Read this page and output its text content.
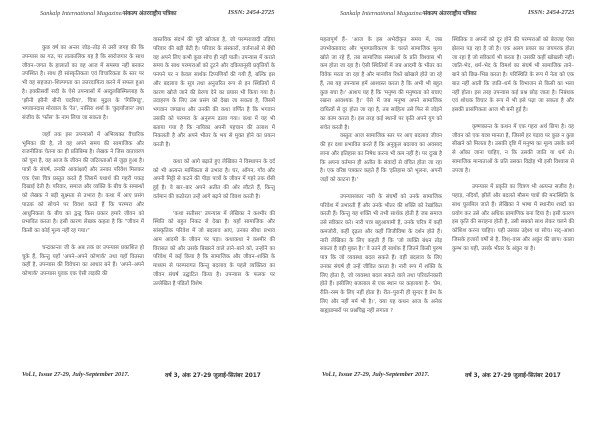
Sankalp International Magazine/संकल्प अंतरराष्ट्रीय पत्रिका	ISSN: 2454-2725

कुछ वर्ष का अन्तर जोड़–तोड़ से उसी जगह की कि उपन्यास का गठ, पर तात्कालिक यह है कि स्वरोजगार के साथ जीवन–जगत के हालातों का वह आज में समस्या नहीं बनकर उपस्थित है। साथ ही सांस्कृतिकता एवं विचारिकता के स्तर पर भी वह सहजता–शिल्पगता का उत्तरदायित्व करने में सफल हुआ है। इक्कीसवीं सदी के ऐसे उपन्यासों में अब्दुलबिस्मिल्लाह के 'झीनी झीनी बीनी चदरिया', चित्रा मुद्गल के 'गिलिगडु', भगवानदास मोरवाल के 'रेत', नासिरा शर्मा के 'कुइयाँजान' तथा संजीव के 'फाँस' के नाम लिया जा सकता है।

जहाँ तक इस उपन्यासों में अभिव्यक्त वैचारिक भूमिका की है, तो वह अपने समय की सामाजिक और राजनीतिक चेतना का ही प्रतिबिम्ब है। लेखक ने जिस वातावरण को चुना है, वह आज के जीवन की जटिलताओं से जुड़ा हुआ है। पात्रों के संघर्ष, उनकी आकांक्षाएँ और उनका परिवेश मिलकर एक ऐसा चित्र प्रस्तुत करते हैं जिसमें यथार्थ की गहरी पकड़ दिखाई देती है। परिवार, समाज और व्यक्ति के बीच के सम्बन्धों को लेखक ने बड़ी सूक्ष्मता से उभारा है। कथा में आए प्रसंग पाठक को सोचने पर विवश करते हैं कि परम्परा और आधुनिकता के बीच का द्वन्द्व किस प्रकार हमारे जीवन को प्रभावित करता है। इसी कारण लेखक कहता है कि "जीवन में किसी का कोई मूल्य नहीं रह गया।"

चन्द्रकान्ता जी के अब तक छः उपन्यास प्रकाशित हो चुके हैं, किन्तु यहाँ 'अपने–अपने कोणार्क' तथा यहाँ वितस्ता कहीं है, उपन्यास की विवेचना का आधार बने हैं। 'अपने–अपने कोणार्क' उपन्यास युवक एक ऐसी लड़की की

वास्तविक संदर्भ की पूरी खोजता है, जो परम्परावादी उड़िया परिवार की बड़ी बेटी है। परिवार के संस्कारों, वर्जनाओं से बँधी वह अपने लिए कभी कुछ सोच ही नहीं पाती। उपन्यास में कराते समय के साथ परम्पराओं को टूटने और दकियानूसी प्रवृत्तियों के पनपने पर न केवल सार्थक टिप्पणियाँ की गयी हैं, बल्कि इस और बदलाव के सूत्र तथा अनुत्तरित रूप से इन स्थितियों में कारण खोजे जाने की प्रेरणा देने का प्रयास भी किया गया है। उदाहरण के लिए उस प्रसंग को देखा जा सकता है, जिसमें भगवान जगन्नाथ और उनकी की कथा वर्णित है कि भगवान उसकी को परम्परा के अनुरूप ढाला गया। कथा में यह भी बताया गया है कि नायिका अपनी पहचान की तलाश में निकलती है और अपने भीतर के भय से मुक्त होने का प्रयत्न करती है।

कथा को आगे बढ़ाते हुए लेखिका ने विस्थापन के दर्द को भी अत्यन्त मार्मिकता से उभारा है। घर, आँगन, गाँव और अपनी मिट्टी से कटने की पीड़ा पात्रों के जीवन में गहरे तक धँसी हुई है। वे बार–बार अपने अतीत की ओर लौटते हैं, किन्तु वर्तमान की कठोरता उन्हें आगे बढ़ने को विवश करती है।

'कथा सतीसर' उपन्यास में लेखिका ने कश्मीर की स्थिति को बहुत निकट से देखा है। यहाँ सामाजिक और सांस्कृतिक परिवेश में जो बदलाव आए, उनका सीधा प्रभाव आम आदमी के जीवन पर पड़ा। कथाकथा ने कश्मीर की विरासत को और उसके बिखरने वाले ताने–बाने को, उन्होंने का परिवेश में कई किया है कि सामाजिक और जीवन–शक्ति के माध्यम से परम्परागत किन्तु बदलाव के पहले व्यक्तित्व का जीवन संघर्ष उद्घाटित किया है। उपन्यास के फलक पर उल्लेखित है पंडितों विशेष

Vol.1, Issue 27-29, July-September 2017.	वर्ष 3, अंक 27-29 जुलाई-सितंबर 2017
Sankalp International Magazine/संकल्प अंतरराष्ट्रीय पत्रिका	ISSN: 2454-2725

महत्वपूर्ण हैं– 'आज के इस अभेदीकृत समय में, जब उपभोक्तावाद और भूमण्डलीकरण के चलते सामाजिक मूल्य खोते जा रहे हैं, तब सामाजिक संस्थाओं के प्रति विश्वास भी कम होता जा रहा है। ऐसी स्थितियों में जब आदमी के भीतर का विवेक मरता जा रहा है और मानवीय रिश्ते खोखले होते जा रहे हैं, तब यह उपन्यास हमें आश्वस्त करता है कि अभी भी बहुत कुछ बचा है।' आशय यह है कि 'मनुष्य की मनुष्यता को बचाए रखना आवश्यक है।' ऐसे में जब मनुष्य अपने सामाजिक दायित्वों से दूर होता जा रहा है, तब साहित्य उसे फिर से जोड़ने का काम करता है। इस तरह कई स्थानों पर कृति अपने युग को सचेत करती है।

वस्तुतः आज सामाजिक स्तर पर आए बदलाव जीवन की हर दशा प्रभावित करते हैं कि अनुकूल बदलाव का अवसाद लाना और इतिहास का निषेध करना भी कम नहीं है। पर दुःख है कि अपना वर्तमान ही अतीत के संवादों से वंचित होता जा रहा है। एक वरिष्ठ पत्रकार कहते हैं कि 'इतिहास को भूलना, अपनी जड़ों को काटना है।'

उपन्यासकार नारी के संघर्षों को उनके सामाजिक परिवेश में उभारती हैं और उनके भीतर की शक्ति को रेखांकित करती हैं। किन्तु यह शक्ति भी तभी सार्थक होती है जब समाज उसे स्वीकार करे। नारी पात्र बहुआयामी हैं, उनके चरित्र में कहीं कमजोरी, कहीं दृढ़ता और कहीं जिजीविषा के दर्शन होते हैं। नारी लेखिका के लिए कहती हैं कि 'जो व्यक्ति बंधन तोड़ सकता है वही मुक्त है।' वे उतने ही सार्थक हैं जितने किसी पुरुष पात्र कि जो व्यवस्था बदल सकते हैं। वहीं बदलाव के लिए उनका संघर्ष ही उन्हें जीवित करता है। नारी रूप में शक्ति के लिए होता है, जो व्यवस्था बदल सकते वाले तथा परिवर्तनकारी होते हैं। इसीलिए बजलाल से एक स्थान पर कहलाया है– 'प्रेम, रीति–रस्म के लिए नहीं होता है। रीत–पुरानी ही सुन्दर है प्रेम के लिए और नहीं मर्म भी है।', क्या यह कथन आज के अनेक बाह्याडम्बरों पर प्रश्नचिह्न नहीं लगाता ?

स्थितिक व अपनों को दूर होने की परम्पराओं को बेवजह ऐसा झेलना पड़ रहा है जो है। एक अलग प्रकार का जयपरक होता जा रहा है जो स्वीकार्य भी करता है। उसकी कहीं खोखली नहीं। जाति-भेद, धर्म–भेद के विमर्श का संघर्ष भी सामाजिक ताने–बाने को छिन्न–भिन्न करता है। परिस्थिति के रूप में नेता को एक बात नहीं आती कि जाति–धर्म के विभाजन से किसी का भला नहीं होता। इस तरह उपन्यास कई प्रश्न छोड़ जाता है। निबंधक एवं शोधक विचार के रूप में भी इसे पढ़ा जा सकता है और इसकी प्रासंगिकता आज भी बनी हुई है।

कृष्णकान्त के कथन में एक गहरा अर्थ छिपा है। वह जीवन को एक यात्रा मानता है, जिसमें हर पड़ाव पर कुछ न कुछ सीखने को मिलता है। उसकी दृष्टि में मनुष्य का मूल्य उसके कर्म से आँका जाना चाहिए, न कि उसकी जाति या धर्म से। सामाजिक मान्यताओं के प्रति उसका विद्रोह भी इसी विश्वास से उपजा है।

उपन्यास में प्रकृति का चित्रण भी अत्यन्त सजीव है। पहाड़, नदियाँ, झीलें और बदलते मौसम पात्रों की मनःस्थिति के साथ घुलमिल जाते हैं। लेखिका ने भाषा में स्थानीय शब्दों का प्रयोग कर उसे और अधिक प्रामाणिक बना दिया है। इसी कारण इस कृति की सराहना होती है, उसी सबको साथ लेकर चलने की कोशिश करना चाहिए। यही उसका उद्देश्य था सोच। सद्–आशा जिसके हजारों वर्षों से है, विश्–वास और अकुंर की छाप। काला कुम्भ का यही, उसके भीतर के अंकुर या है।

Vol.1, Issue 27-29, July-September 2017.	वर्ष 3, अंक 27-29 जुलाई-सितंबर 2017
